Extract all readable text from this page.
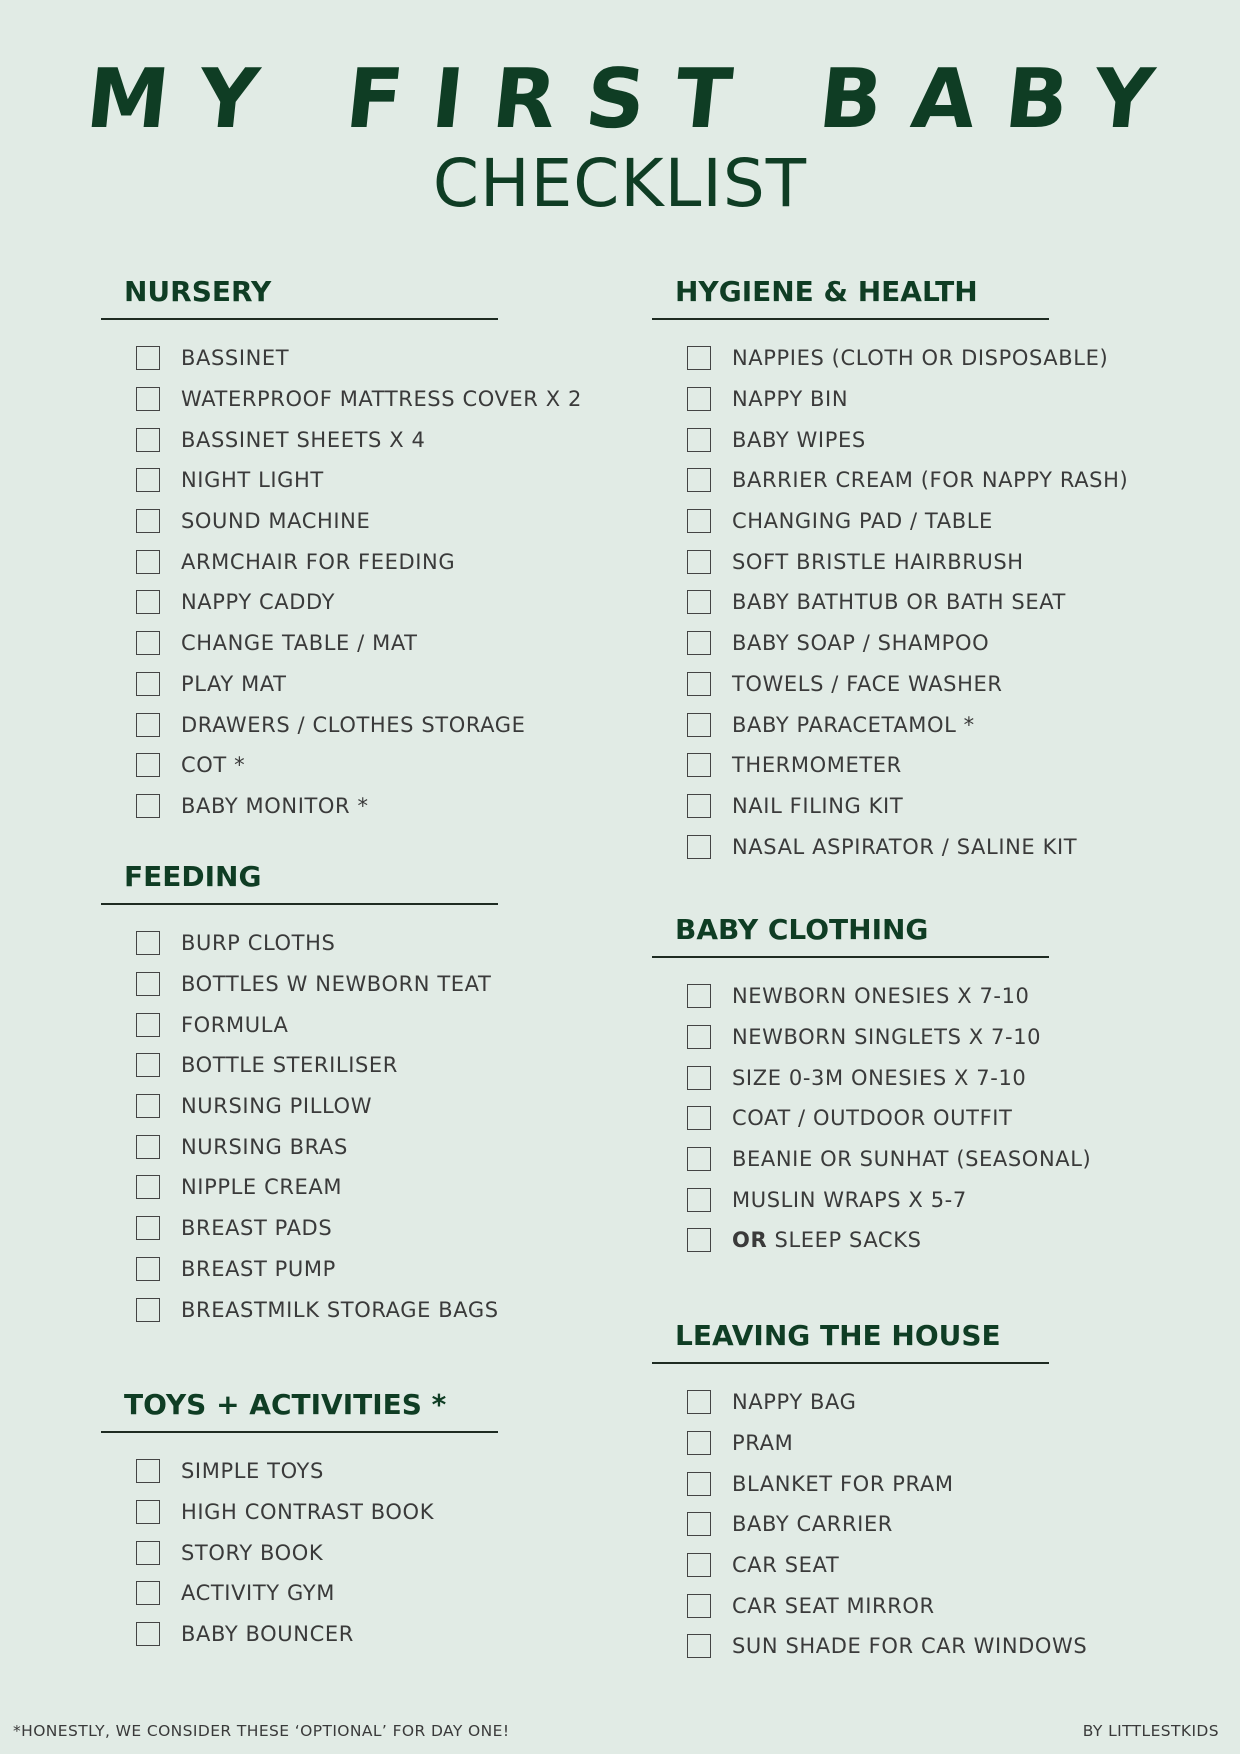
MY FIRST BABY
CHECKLIST
NURSERY
BASSINET
WATERPROOF MATTRESS COVER X 2
BASSINET SHEETS X 4
NIGHT LIGHT
SOUND MACHINE
ARMCHAIR FOR FEEDING
NAPPY CADDY
CHANGE TABLE / MAT
PLAY MAT
DRAWERS / CLOTHES STORAGE
COT *
BABY MONITOR *
FEEDING
BURP CLOTHS
BOTTLES W NEWBORN TEAT
FORMULA
BOTTLE STERILISER
NURSING PILLOW
NURSING BRAS
NIPPLE CREAM
BREAST PADS
BREAST PUMP
BREASTMILK STORAGE BAGS
TOYS + ACTIVITIES *
SIMPLE TOYS
HIGH CONTRAST BOOK
STORY BOOK
ACTIVITY GYM
BABY BOUNCER
HYGIENE & HEALTH
NAPPIES (CLOTH OR DISPOSABLE)
NAPPY BIN
BABY WIPES
BARRIER CREAM (FOR NAPPY RASH)
CHANGING PAD / TABLE
SOFT BRISTLE HAIRBRUSH
BABY BATHTUB OR BATH SEAT
BABY SOAP / SHAMPOO
TOWELS / FACE WASHER
BABY PARACETAMOL *
THERMOMETER
NAIL FILING KIT
NASAL ASPIRATOR / SALINE KIT
BABY CLOTHING
NEWBORN ONESIES X 7-10
NEWBORN SINGLETS X 7-10
SIZE 0-3M ONESIES X 7-10
COAT / OUTDOOR OUTFIT
BEANIE OR SUNHAT (SEASONAL)
MUSLIN WRAPS X 5-7
OR SLEEP SACKS
LEAVING THE HOUSE
NAPPY BAG
PRAM
BLANKET FOR PRAM
BABY CARRIER
CAR SEAT
CAR SEAT MIRROR
SUN SHADE FOR CAR WINDOWS
*HONESTLY, WE CONSIDER THESE ‘OPTIONAL’ FOR DAY ONE!	BY LITTLESTKIDS
